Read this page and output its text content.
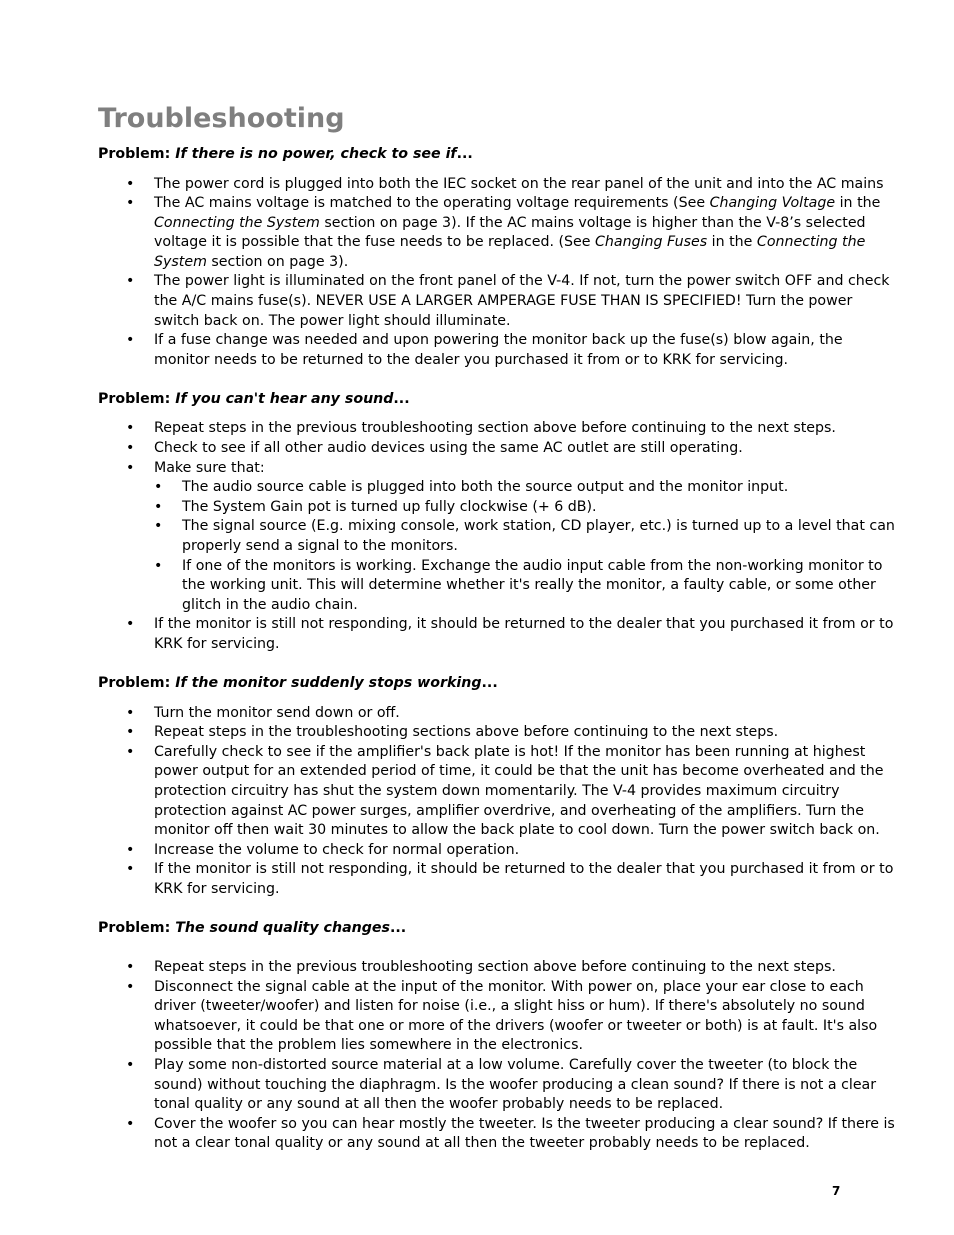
Troubleshooting

Problem: If there is no power, check to see if...

• The power cord is plugged into both the IEC socket on the rear panel of the unit and into the AC mains
• The AC mains voltage is matched to the operating voltage requirements (See Changing Voltage in the Connecting the System section on page 3). If the AC mains voltage is higher than the V-8’s selected voltage it is possible that the fuse needs to be replaced. (See Changing Fuses in the Connecting the System section on page 3).
• The power light is illuminated on the front panel of the V-4. If not, turn the power switch OFF and check the A/C mains fuse(s). NEVER USE A LARGER AMPERAGE FUSE THAN IS SPECIFIED! Turn the power switch back on. The power light should illuminate.
• If a fuse change was needed and upon powering the monitor back up the fuse(s) blow again, the monitor needs to be returned to the dealer you purchased it from or to KRK for servicing.

Problem: If you can't hear any sound...

• Repeat steps in the previous troubleshooting section above before continuing to the next steps.
• Check to see if all other audio devices using the same AC outlet are still operating.
• Make sure that:
• The audio source cable is plugged into both the source output and the monitor input.
• The System Gain pot is turned up fully clockwise (+ 6 dB).
• The signal source (E.g. mixing console, work station, CD player, etc.) is turned up to a level that can properly send a signal to the monitors.
• If one of the monitors is working. Exchange the audio input cable from the non-working monitor to the working unit. This will determine whether it's really the monitor, a faulty cable, or some other glitch in the audio chain.
• If the monitor is still not responding, it should be returned to the dealer that you purchased it from or to KRK for servicing.

Problem: If the monitor suddenly stops working...

• Turn the monitor send down or off.
• Repeat steps in the troubleshooting sections above before continuing to the next steps.
• Carefully check to see if the amplifier's back plate is hot! If the monitor has been running at highest power output for an extended period of time, it could be that the unit has become overheated and the protection circuitry has shut the system down momentarily. The V-4 provides maximum circuitry protection against AC power surges, amplifier overdrive, and overheating of the amplifiers. Turn the monitor off then wait 30 minutes to allow the back plate to cool down. Turn the power switch back on.
• Increase the volume to check for normal operation.
• If the monitor is still not responding, it should be returned to the dealer that you purchased it from or to KRK for servicing.

Problem: The sound quality changes...

• Repeat steps in the previous troubleshooting section above before continuing to the next steps.
• Disconnect the signal cable at the input of the monitor. With power on, place your ear close to each driver (tweeter/woofer) and listen for noise (i.e., a slight hiss or hum). If there's absolutely no sound whatsoever, it could be that one or more of the drivers (woofer or tweeter or both) is at fault. It's also possible that the problem lies somewhere in the electronics.
• Play some non-distorted source material at a low volume. Carefully cover the tweeter (to block the sound) without touching the diaphragm. Is the woofer producing a clean sound? If there is not a clear tonal quality or any sound at all then the woofer probably needs to be replaced.
• Cover the woofer so you can hear mostly the tweeter. Is the tweeter producing a clear sound? If there is not a clear tonal quality or any sound at all then the tweeter probably needs to be replaced.
7
